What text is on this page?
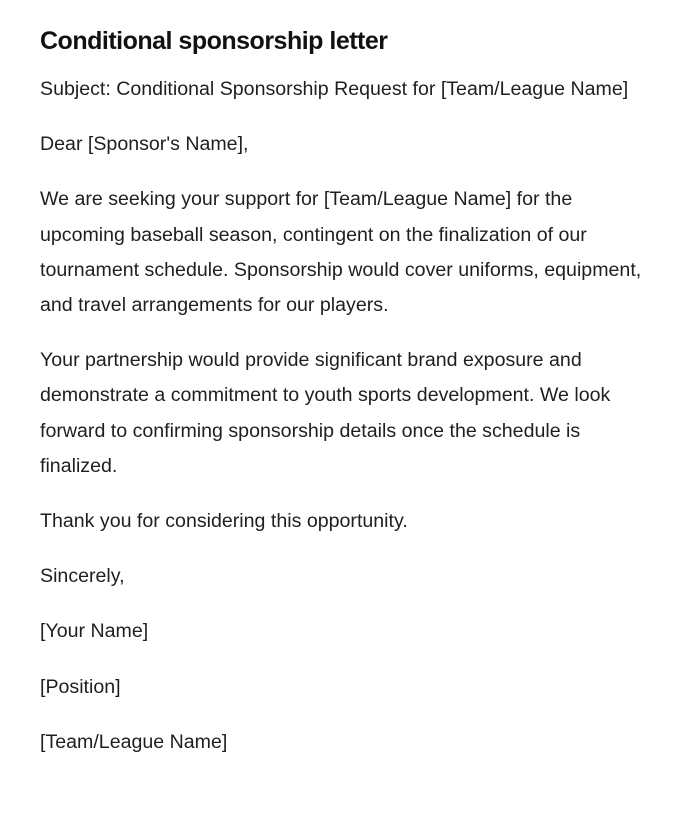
Conditional sponsorship letter

Subject: Conditional Sponsorship Request for [Team/League Name]

Dear [Sponsor's Name],

We are seeking your support for [Team/League Name] for the upcoming baseball season, contingent on the finalization of our tournament schedule. Sponsorship would cover uniforms, equipment, and travel arrangements for our players.

Your partnership would provide significant brand exposure and demonstrate a commitment to youth sports development. We look forward to confirming sponsorship details once the schedule is finalized.

Thank you for considering this opportunity.

Sincerely,

[Your Name]

[Position]

[Team/League Name]
